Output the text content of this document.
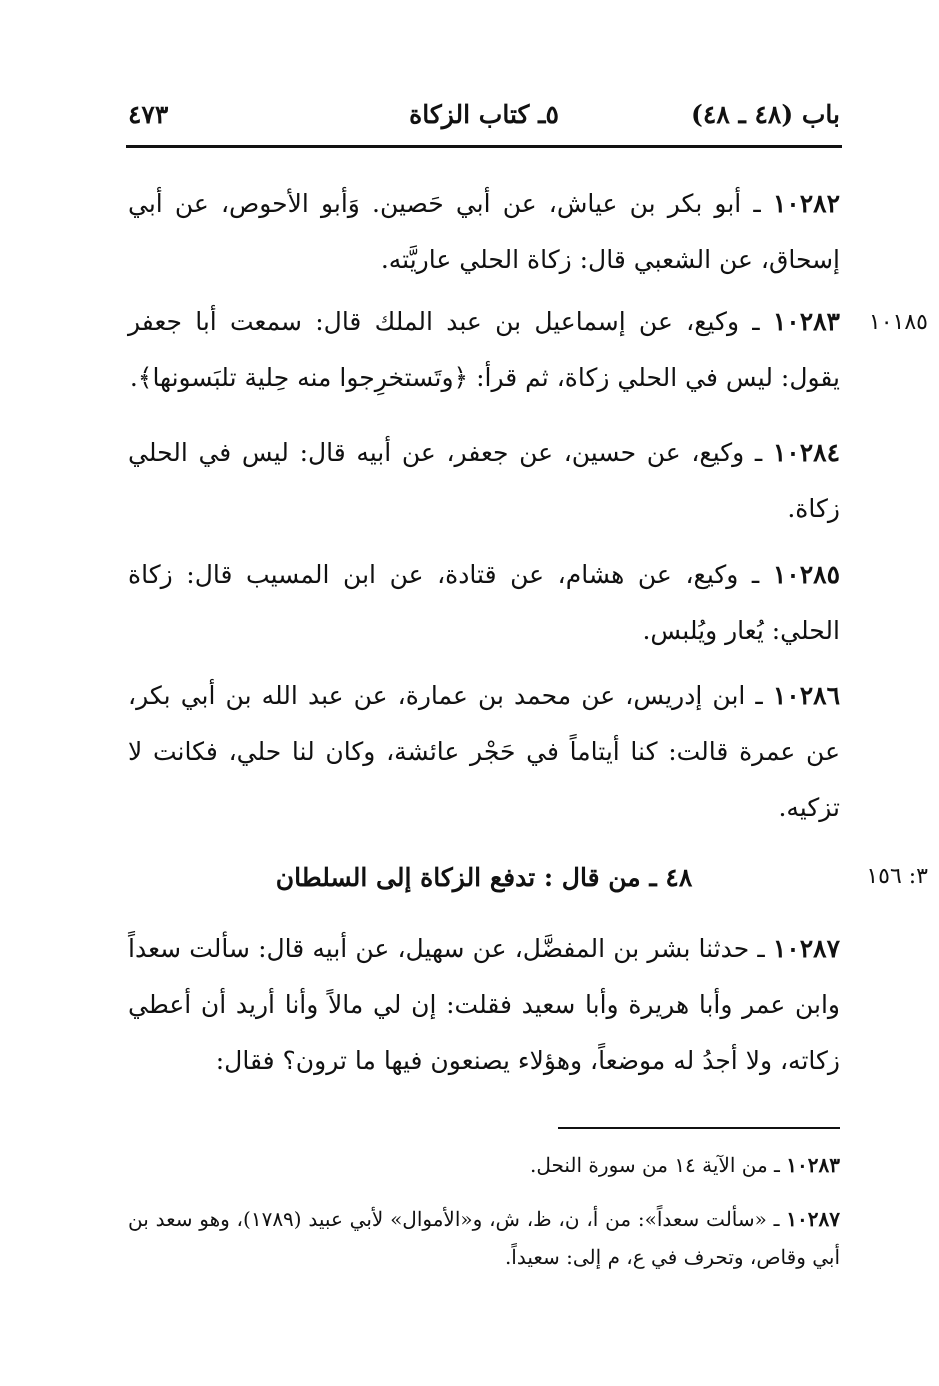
باب (٤٨ ـ ٤٨)
٥ـ كتاب الزكاة
٤٧٣
١٠٢٨٢ ـ أبو بكر بن عياش، عن أبي حَصين. وَأبو الأحوص، عن أبي إسحاق، عن الشعبي قال: زكاة الحلي عاريَّته.
١٠١٨٥
١٠٢٨٣ ـ وكيع، عن إسماعيل بن عبد الملك قال: سمعت أبا جعفر يقول: ليس في الحلي زكاة، ثم قرأ: ﴿وتَستخرِجوا منه حِلية تلبَسونها﴾.
١٠٢٨٤ ـ وكيع، عن حسين، عن جعفر، عن أبيه قال: ليس في الحلي زكاة.
١٠٢٨٥ ـ وكيع، عن هشام، عن قتادة، عن ابن المسيب قال: زكاة الحلي: يُعار ويُلبس.
١٠٢٨٦ ـ ابن إدريس، عن محمد بن عمارة، عن عبد الله بن أبي بكر، عن عمرة قالت: كنا أيتاماً في حَجْر عائشة، وكان لنا حلي، فكانت لا تزكيه.
٣: ١٥٦
٤٨ ـ من قال : تدفع الزكاة إلى السلطان
١٠٢٨٧ ـ حدثنا بشر بن المفضَّل، عن سهيل، عن أبيه قال: سألت سعداً وابن عمر وأبا هريرة وأبا سعيد فقلت: إن لي مالاً وأنا أريد أن أعطي زكاته، ولا أجدُ له موضعاً، وهؤلاء يصنعون فيها ما ترون؟ فقال:
١٠٢٨٣ ـ من الآية ١٤ من سورة النحل.
١٠٢٨٧ ـ «سألت سعداً»: من أ، ن، ظ، ش، و«الأموال» لأبي عبيد (١٧٨٩)، وهو سعد بن أبي وقاص، وتحرف في ع، م إلى: سعيداً.
